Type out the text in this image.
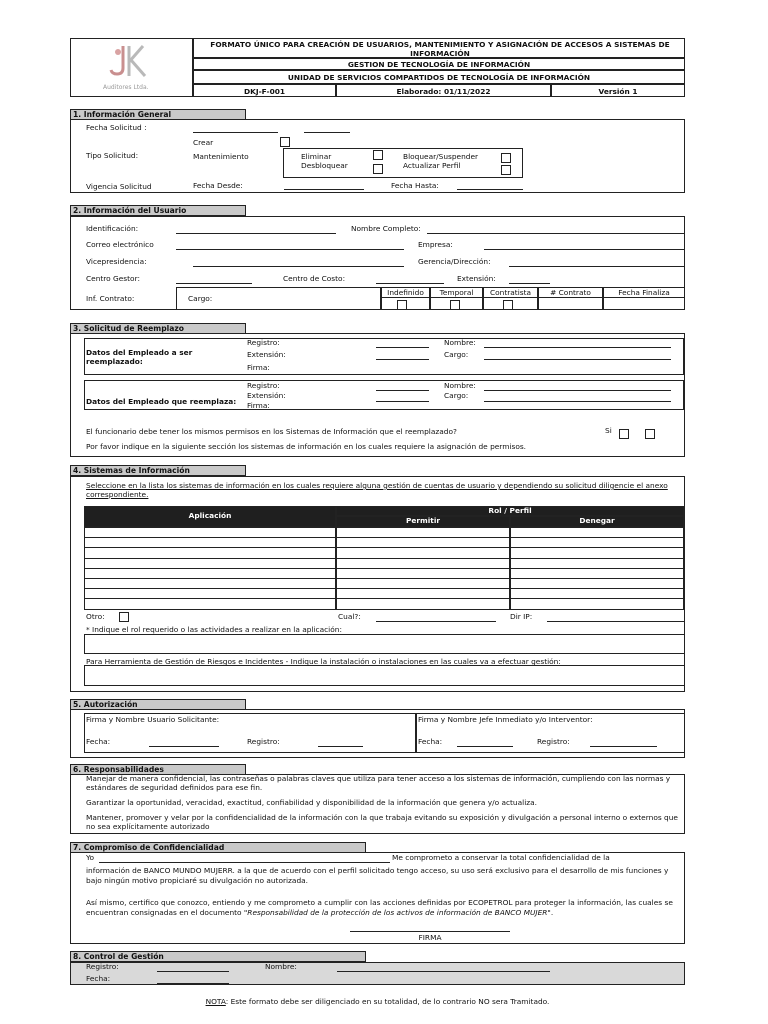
Auditores Ltda.
FORMATO ÚNICO PARA CREACIÓN DE USUARIOS, MANTENIMIENTO Y ASIGNACIÓN DE ACCESOS A SISTEMAS DE INFORMACIÓN
GESTION DE TECNOLOGÍA DE INFORMACIÓN
UNIDAD DE SERVICIOS COMPARTIDOS DE TECNOLOGÍA DE INFORMACIÓN
DKJ-F-001	Elaborado: 01/11/2022	Versión 1
1. Información General
Fecha Solicitud :
Crear
Tipo Solicitud:	Mantenimiento	Eliminar
Desbloquear
Bloquear/Suspender
Actualizar Perfil
Vigencia Solicitud	Fecha Desde:	Fecha Hasta:
2. Información del Usuario
Identificación:	Nombre Completo:
Correo electrónico	Empresa:
Vicepresidencia:	Gerencia/Dirección:
Centro Gestor:	Centro de Costo:	Extensión:
Inf. Contrato:	Cargo:
Indefinido	Temporal	Contratista	# Contrato	Fecha Finaliza
3. Solicitud de Reemplazo
Datos del Empleado a ser reemplazado:
Registro:
Extensión:
Firma:
Nombre:
Cargo:
Datos del Empleado que reemplaza:
Registro:
Extensión:
Firma:
Nombre:
Cargo:
El funcionario debe tener los mismos permisos en los Sistemas de Información que el reemplazado?	Si
Por favor indique en la siguiente sección los sistemas de información en los cuales requiere la asignación de permisos.
4. Sistemas de Información
Seleccione en la lista los sistemas de información en los cuales requiere alguna gestión de cuentas de usuario y dependiendo su solicitud diligencie el anexo correspondiente.
Aplicación
Rol / Perfil
Permitir	Denegar
Otro:	Cual?:	Dir IP:
* Indique el rol requerido o las actividades a realizar en la aplicación:
Para Herramienta de Gestión de Riesgos e Incidentes - Indique la instalación o instalaciones en las cuales va a efectuar gestión:
5. Autorización
Firma y Nombre Usuario Solicitante:	Firma y Nombre Jefe Inmediato y/o Interventor:
Fecha:	Registro:	Fecha:	Registro:
6. Responsabilidades
Manejar de manera confidencial, las contraseñas o palabras claves que utiliza para tener acceso a los sistemas de información, cumpliendo con las normas y estándares de seguridad definidos para ese fin.
Garantizar la oportunidad, veracidad, exactitud, confiabilidad y disponibilidad de la información que genera y/o actualiza.
Mantener, promover y velar por la confidencialidad de la información con la que trabaja evitando su exposición y divulgación a personal interno o externos que no sea explícitamente autorizado
7. Compromiso de Confidencialidad
Yo	Me comprometo a conservar la total confidencialidad de la
información de BANCO MUNDO MUJERR. a la que de acuerdo con el perfil solicitado tengo acceso, su uso será exclusivo para el desarrollo de mis funciones y bajo ningún motivo propiciaré su divulgación no autorizada.
Así mismo, certifico que conozco, entiendo y me comprometo a cumplir con las acciones definidas por ECOPETROL para proteger la información, las cuales se encuentran consignadas en el documento "Responsabilidad de la protección de los activos de información de BANCO MUJER".
FIRMA
8. Control de Gestión
Registro:	Nombre:
Fecha:
NOTA: Este formato debe ser diligenciado en su totalidad, de lo contrario NO sera Tramitado.
